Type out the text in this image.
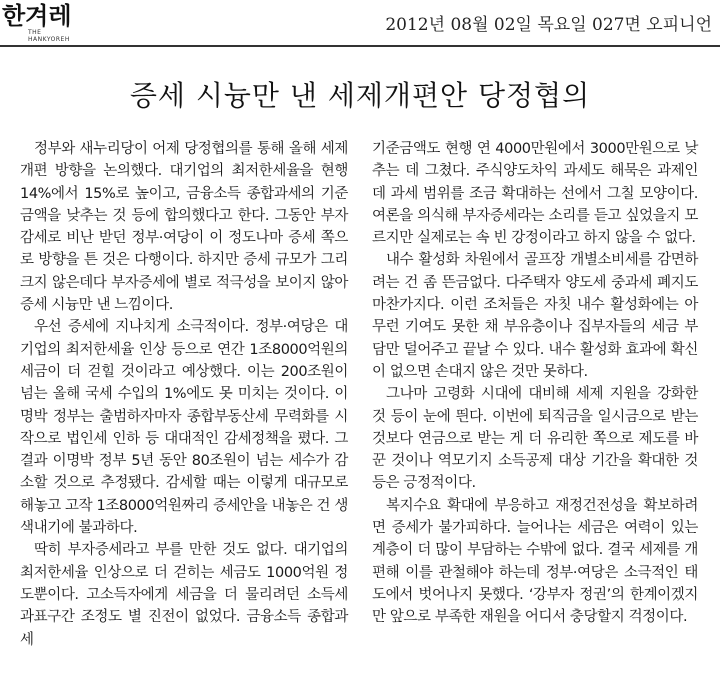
한겨레
THE HANKYOREH
2012년 08월 02일 목요일 027면 오피니언
증세 시늉만 낸 세제개편안 당정협의

정부와 새누리당이 어제 당정협의를 통해 올해 세제 개편 방향을 논의했다. 대기업의 최저한세율을 현행 14%에서 15%로 높이고, 금융소득 종합과세의 기준금액을 낮추는 것 등에 합의했다고 한다. 그동안 부자감세로 비난 받던 정부·여당이 이 정도나마 증세 쪽으로 방향을 튼 것은 다행이다. 하지만 증세 규모가 그리 크지 않은데다 부자증세에 별로 적극성을 보이지 않아 증세 시늉만 낸 느낌이다.

우선 증세에 지나치게 소극적이다. 정부·여당은 대기업의 최저한세율 인상 등으로 연간 1조8000억원의 세금이 더 걷힐 것이라고 예상했다. 이는 200조원이 넘는 올해 국세 수입의 1%에도 못 미치는 것이다. 이명박 정부는 출범하자마자 종합부동산세 무력화를 시작으로 법인세 인하 등 대대적인 감세정책을 폈다. 그 결과 이명박 정부 5년 동안 80조원이 넘는 세수가 감소할 것으로 추정됐다. 감세할 때는 이렇게 대규모로 해놓고 고작 1조8000억원짜리 증세안을 내놓은 건 생색내기에 불과하다.

딱히 부자증세라고 부를 만한 것도 없다. 대기업의 최저한세율 인상으로 더 걷히는 세금도 1000억원 정도뿐이다. 고소득자에게 세금을 더 물리려던 소득세 과표구간 조정도 별 진전이 없었다. 금융소득 종합과세

기준금액도 현행 연 4000만원에서 3000만원으로 낮추는 데 그쳤다. 주식양도차익 과세도 해묵은 과제인데 과세 범위를 조금 확대하는 선에서 그칠 모양이다. 여론을 의식해 부자증세라는 소리를 듣고 싶었을지 모르지만 실제로는 속 빈 강정이라고 하지 않을 수 없다.

내수 활성화 차원에서 골프장 개별소비세를 감면하려는 건 좀 뜬금없다. 다주택자 양도세 중과세 폐지도 마찬가지다. 이런 조처들은 자칫 내수 활성화에는 아무런 기여도 못한 채 부유층이나 집부자들의 세금 부담만 덜어주고 끝날 수 있다. 내수 활성화 효과에 확신이 없으면 손대지 않은 것만 못하다.

그나마 고령화 시대에 대비해 세제 지원을 강화한 것 등이 눈에 띈다. 이번에 퇴직금을 일시금으로 받는 것보다 연금으로 받는 게 더 유리한 쪽으로 제도를 바꾼 것이나 역모기지 소득공제 대상 기간을 확대한 것 등은 긍정적이다.

복지수요 확대에 부응하고 재정건전성을 확보하려면 증세가 불가피하다. 늘어나는 세금은 여력이 있는 계층이 더 많이 부담하는 수밖에 없다. 결국 세제를 개편해 이를 관철해야 하는데 정부·여당은 소극적인 태도에서 벗어나지 못했다. ‘강부자 정권’의 한계이겠지만 앞으로 부족한 재원을 어디서 충당할지 걱정이다.
